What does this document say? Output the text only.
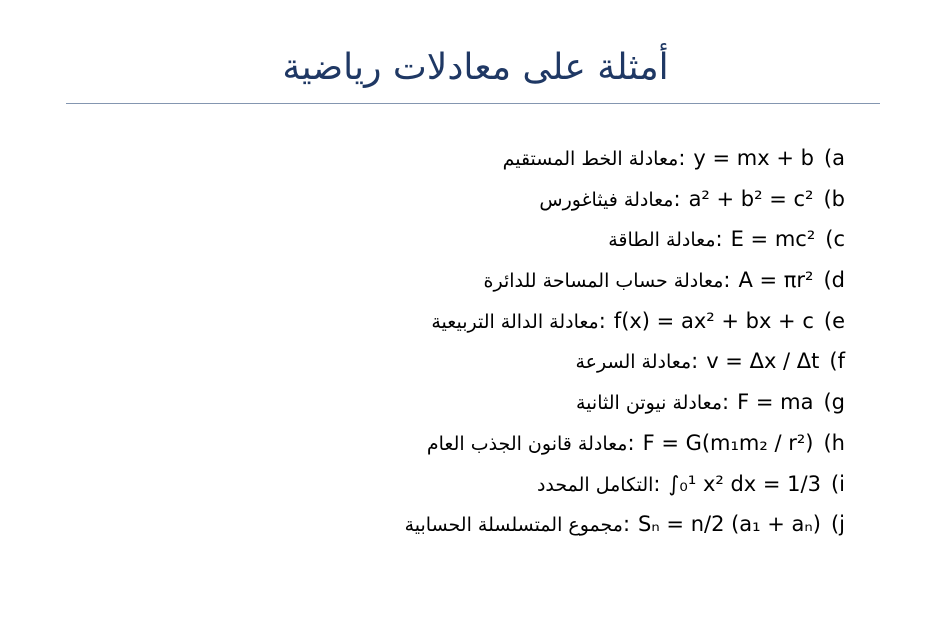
أمثلة على معادلات رياضية
(a
y = mx + b
:
معادلة الخط المستقيم
(b
a² + b² = c²
:
معادلة فيثاغورس
(c
E = mc²
:
معادلة الطاقة
(d
A = πr²
:
معادلة حساب المساحة للدائرة
(e
f(x) = ax² + bx + c
:
معادلة الدالة التربيعية
(f
v = Δx / Δt
:
معادلة السرعة
(g
F = ma
:
معادلة نيوتن الثانية
(h
F = G(m₁m₂ / r²)
:
معادلة قانون الجذب العام
(i
∫₀¹ x² dx = 1/3
:
التكامل المحدد
(j
Sₙ = n/2 (a₁ + aₙ)
:
مجموع المتسلسلة الحسابية
